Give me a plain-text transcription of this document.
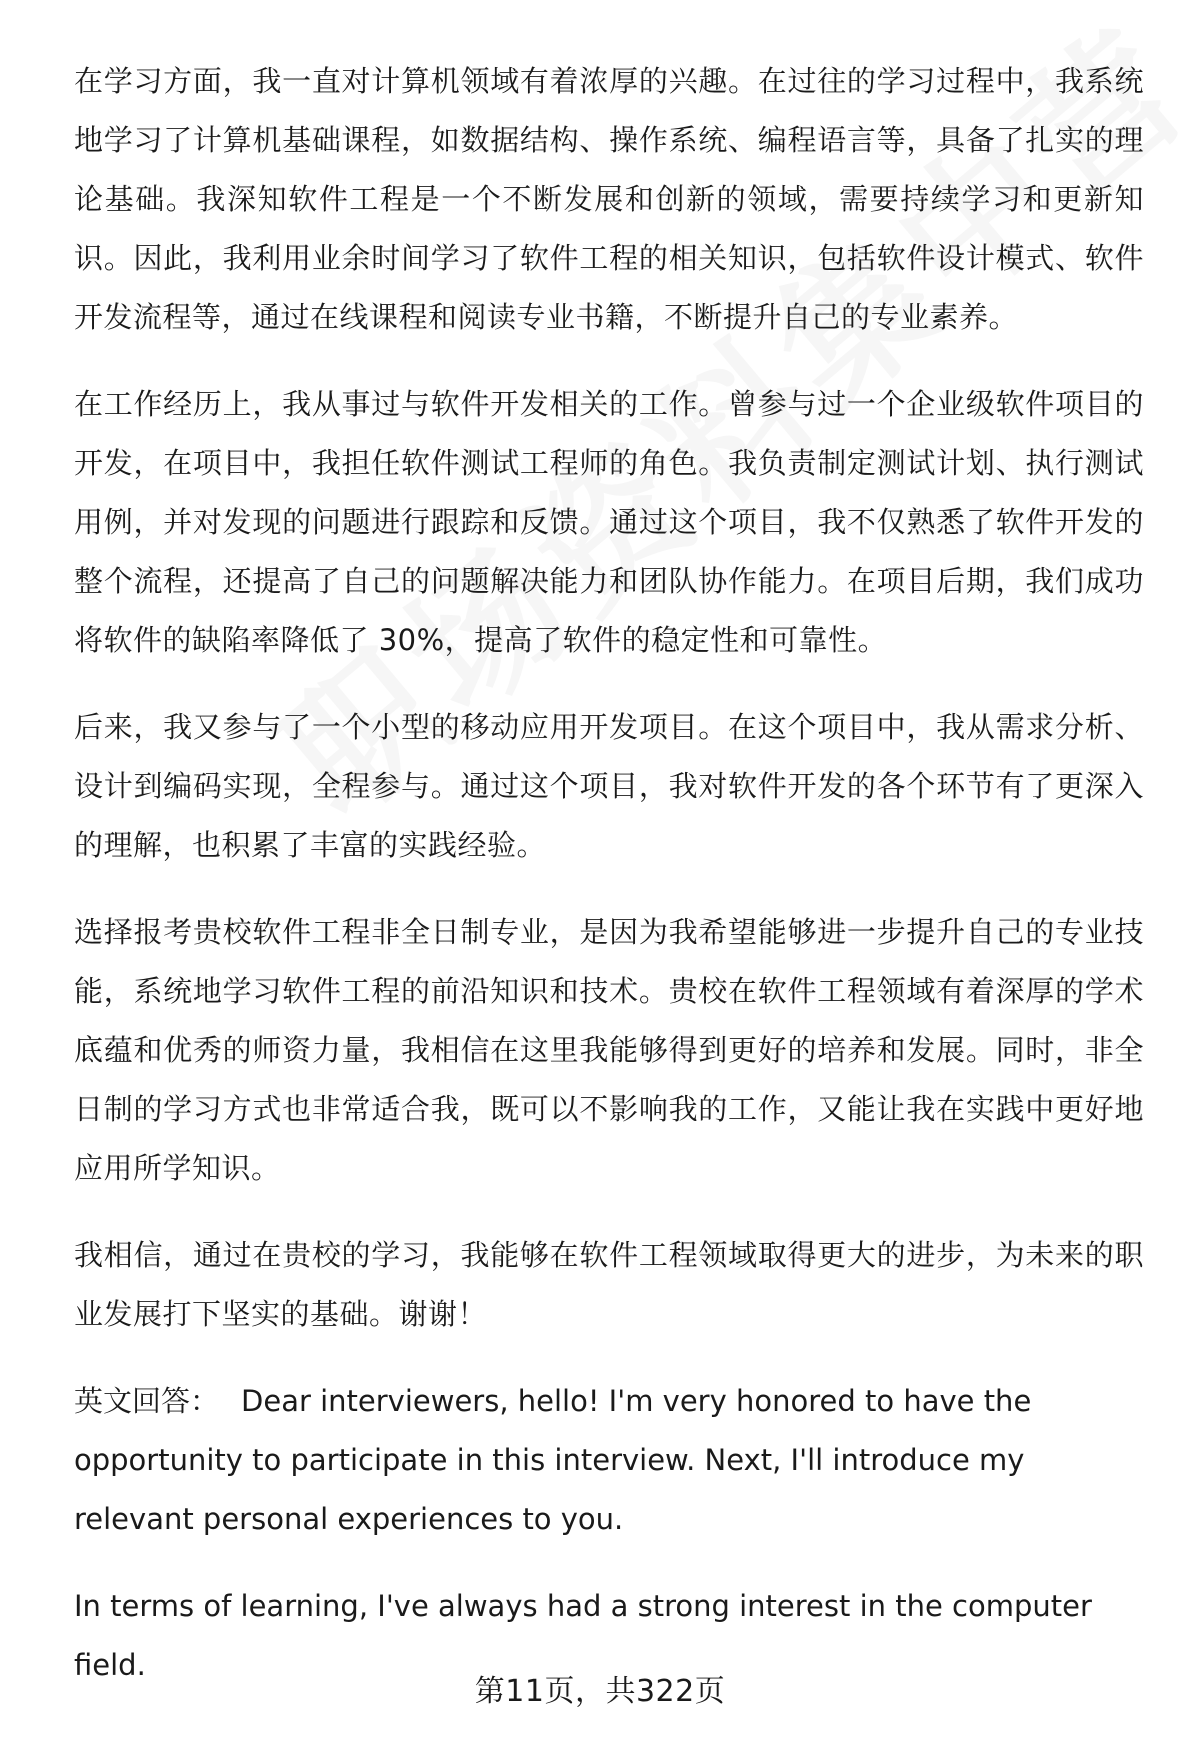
在学习方面，我一直对计算机领域有着浓厚的兴趣。在过往的学习过程中，我系统地学习了计算机基础课程，如数据结构、操作系统、编程语言等，具备了扎实的理论基础。我深知软件工程是一个不断发展和创新的领域，需要持续学习和更新知识。因此，我利用业余时间学习了软件工程的相关知识，包括软件设计模式、软件开发流程等，通过在线课程和阅读专业书籍，不断提升自己的专业素养。

在工作经历上，我从事过与软件开发相关的工作。曾参与过一个企业级软件项目的开发，在项目中，我担任软件测试工程师的角色。我负责制定测试计划、执行测试用例，并对发现的问题进行跟踪和反馈。通过这个项目，我不仅熟悉了软件开发的整个流程，还提高了自己的问题解决能力和团队协作能力。在项目后期，我们成功将软件的缺陷率降低了 30%，提高了软件的稳定性和可靠性。

后来，我又参与了一个小型的移动应用开发项目。在这个项目中，我从需求分析、设计到编码实现，全程参与。通过这个项目，我对软件开发的各个环节有了更深入的理解，也积累了丰富的实践经验。

选择报考贵校软件工程非全日制专业，是因为我希望能够进一步提升自己的专业技能，系统地学习软件工程的前沿知识和技术。贵校在软件工程领域有着深厚的学术底蕴和优秀的师资力量，我相信在这里我能够得到更好的培养和发展。同时，非全日制的学习方式也非常适合我，既可以不影响我的工作，又能让我在实践中更好地应用所学知识。

我相信，通过在贵校的学习，我能够在软件工程领域取得更大的进步，为未来的职业发展打下坚实的基础。谢谢！

英文回答： Dear interviewers, hello! I'm very honored to have the opportunity to participate in this interview. Next, I'll introduce my relevant personal experiences to you.

In terms of learning, I've always had a strong interest in the computer field.

第11页，共322页
